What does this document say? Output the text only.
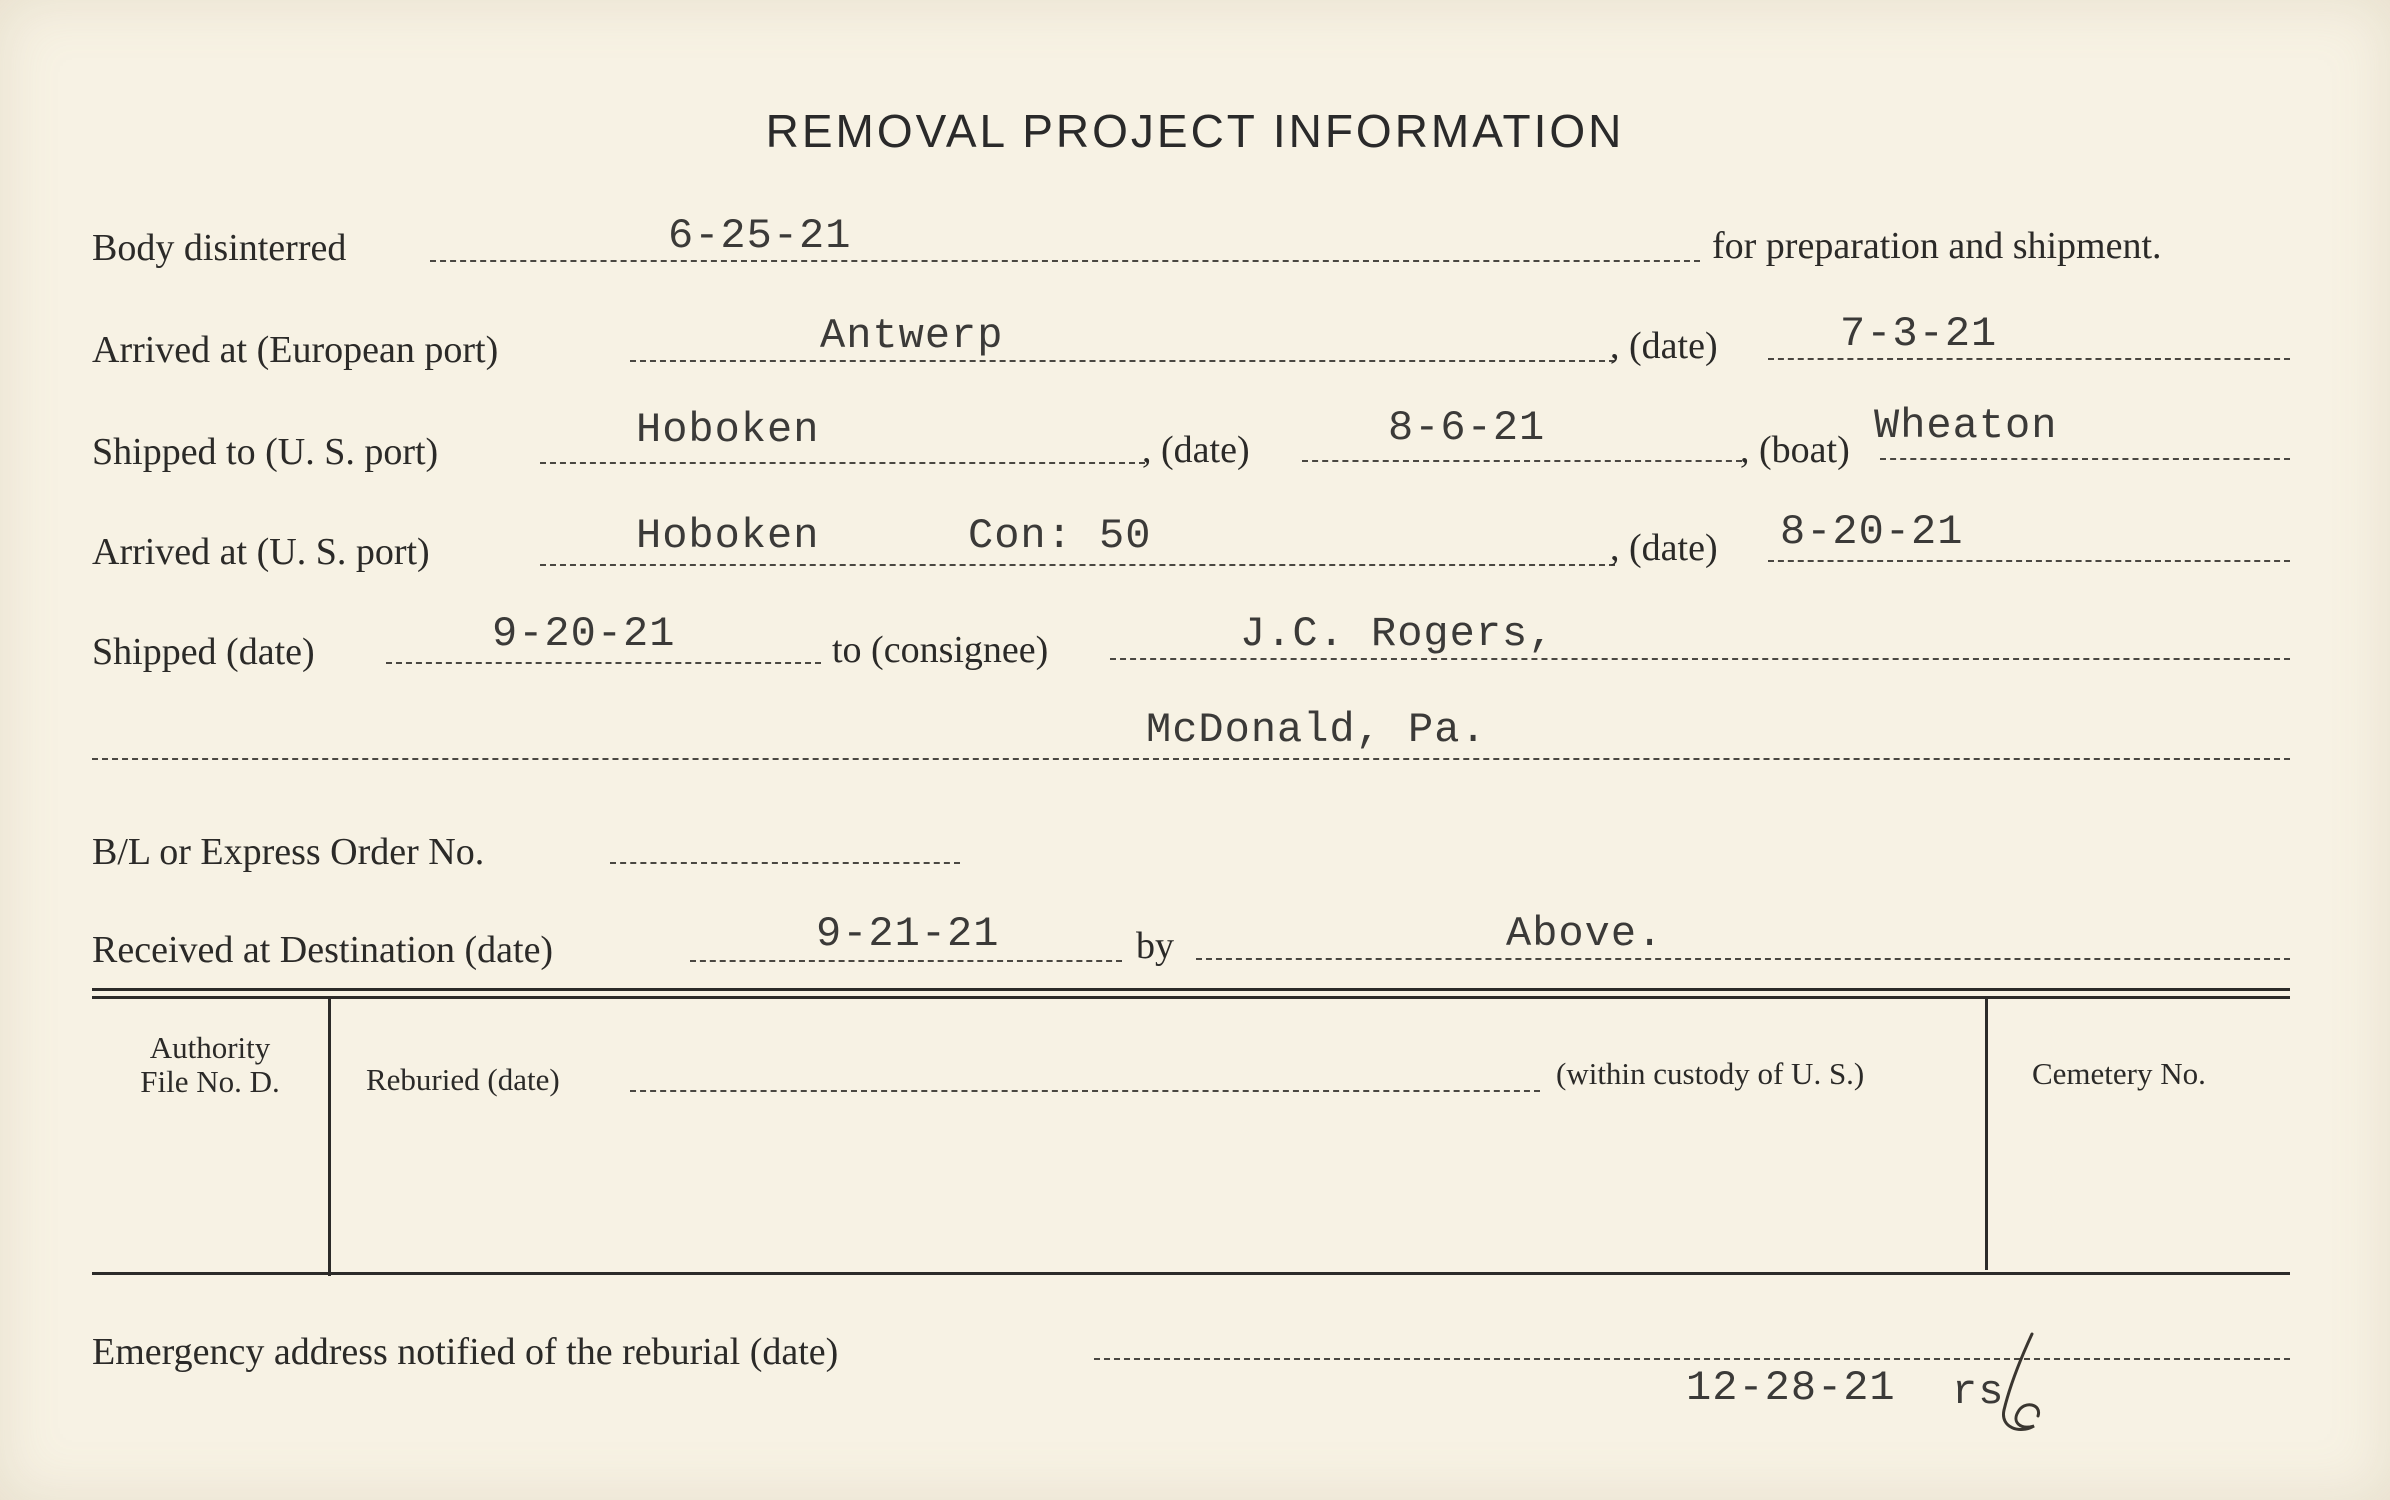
REMOVAL PROJECT INFORMATION
Body disinterred	6-25-21	for preparation and shipment.
Arrived at (European port)	Antwerp	, (date)	7-3-21
Shipped to (U. S. port)	Hoboken	, (date)	8-6-21	, (boat) Wheaton
Arrived at (U. S. port)	Hoboken	Con: 50	, (date) 8-20-21
Shipped (date)	9-20-21	to (consignee)	J.C. Rogers,
McDonald, Pa.
B/L or Express Order No.
Received at Destination (date)	9-21-21	by	Above.
Authority
File No. D.	Reburied (date)	(within custody of U. S.)	Cemetery No.
Emergency address notified of the reburial (date)
12-28-21 rs
